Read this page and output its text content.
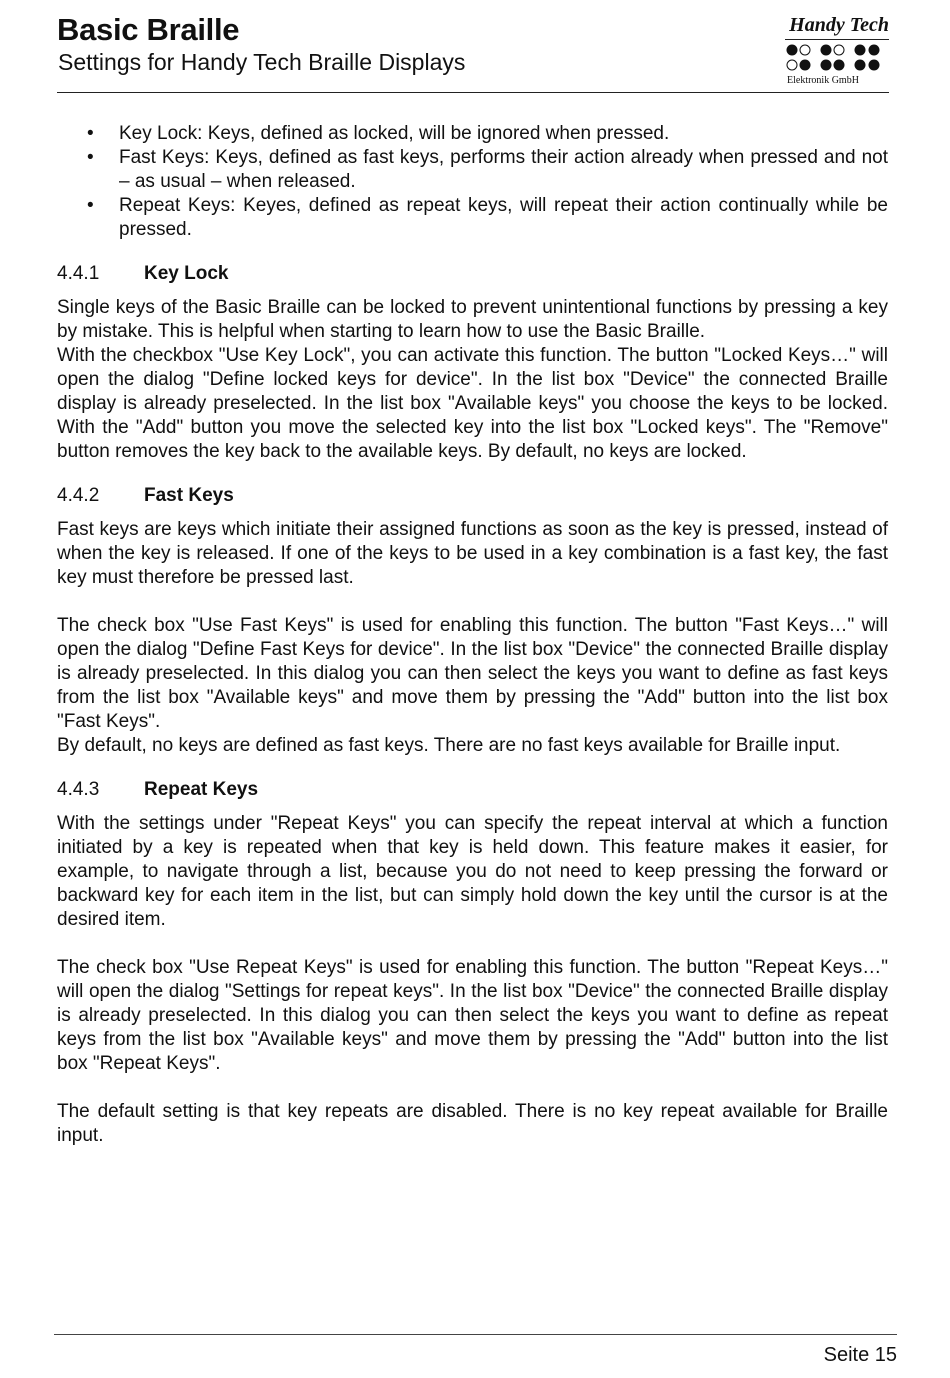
Basic Braille
Settings for Handy Tech Braille Displays
Handy Tech
Elektronik GmbH
• Key Lock: Keys, defined as locked, will be ignored when pressed.
• Fast Keys: Keys, defined as fast keys, performs their action already when pressed and not – as usual – when released.
• Repeat Keys: Keyes, defined as repeat keys, will repeat their action continually while be pressed.
4.4.1	Key Lock

Single keys of the Basic Braille can be locked to prevent unintentional functions by pressing a key by mistake. This is helpful when starting to learn how to use the Basic Braille.

With the checkbox "Use Key Lock", you can activate this function. The button "Locked Keys…" will open the dialog "Define locked keys for device". In the list box "Device" the connected Braille display is already preselected. In the list box "Available keys" you choose the keys to be locked. With the "Add" button you move the selected key into the list box "Locked keys". The "Remove" button removes the key back to the available keys. By default, no keys are locked.

4.4.2	Fast Keys

Fast keys are keys which initiate their assigned functions as soon as the key is pressed, instead of when the key is released. If one of the keys to be used in a key combination is a fast key, the fast key must therefore be pressed last.

The check box "Use Fast Keys" is used for enabling this function. The button "Fast Keys…" will open the dialog "Define Fast Keys for device". In the list box "Device" the connected Braille display is already preselected. In this dialog you can then select the keys you want to define as fast keys from the list box "Available keys" and move them by pressing the "Add" button into the list box "Fast Keys".

By default, no keys are defined as fast keys. There are no fast keys available for Braille input.

4.4.3	Repeat Keys

With the settings under "Repeat Keys" you can specify the repeat interval at which a function initiated by a key is repeated when that key is held down. This feature makes it easier, for example, to navigate through a list, because you do not need to keep pressing the forward or backward key for each item in the list, but can simply hold down the key until the cursor is at the desired item.

The check box "Use Repeat Keys" is used for enabling this function. The button "Repeat Keys…" will open the dialog "Settings for repeat keys". In the list box "Device" the connected Braille display is already preselected. In this dialog you can then select the keys you want to define as repeat keys from the list box "Available keys" and move them by pressing the "Add" button into the list box "Repeat Keys".

The default setting is that key repeats are disabled. There is no key repeat available for Braille input.

Seite 15
